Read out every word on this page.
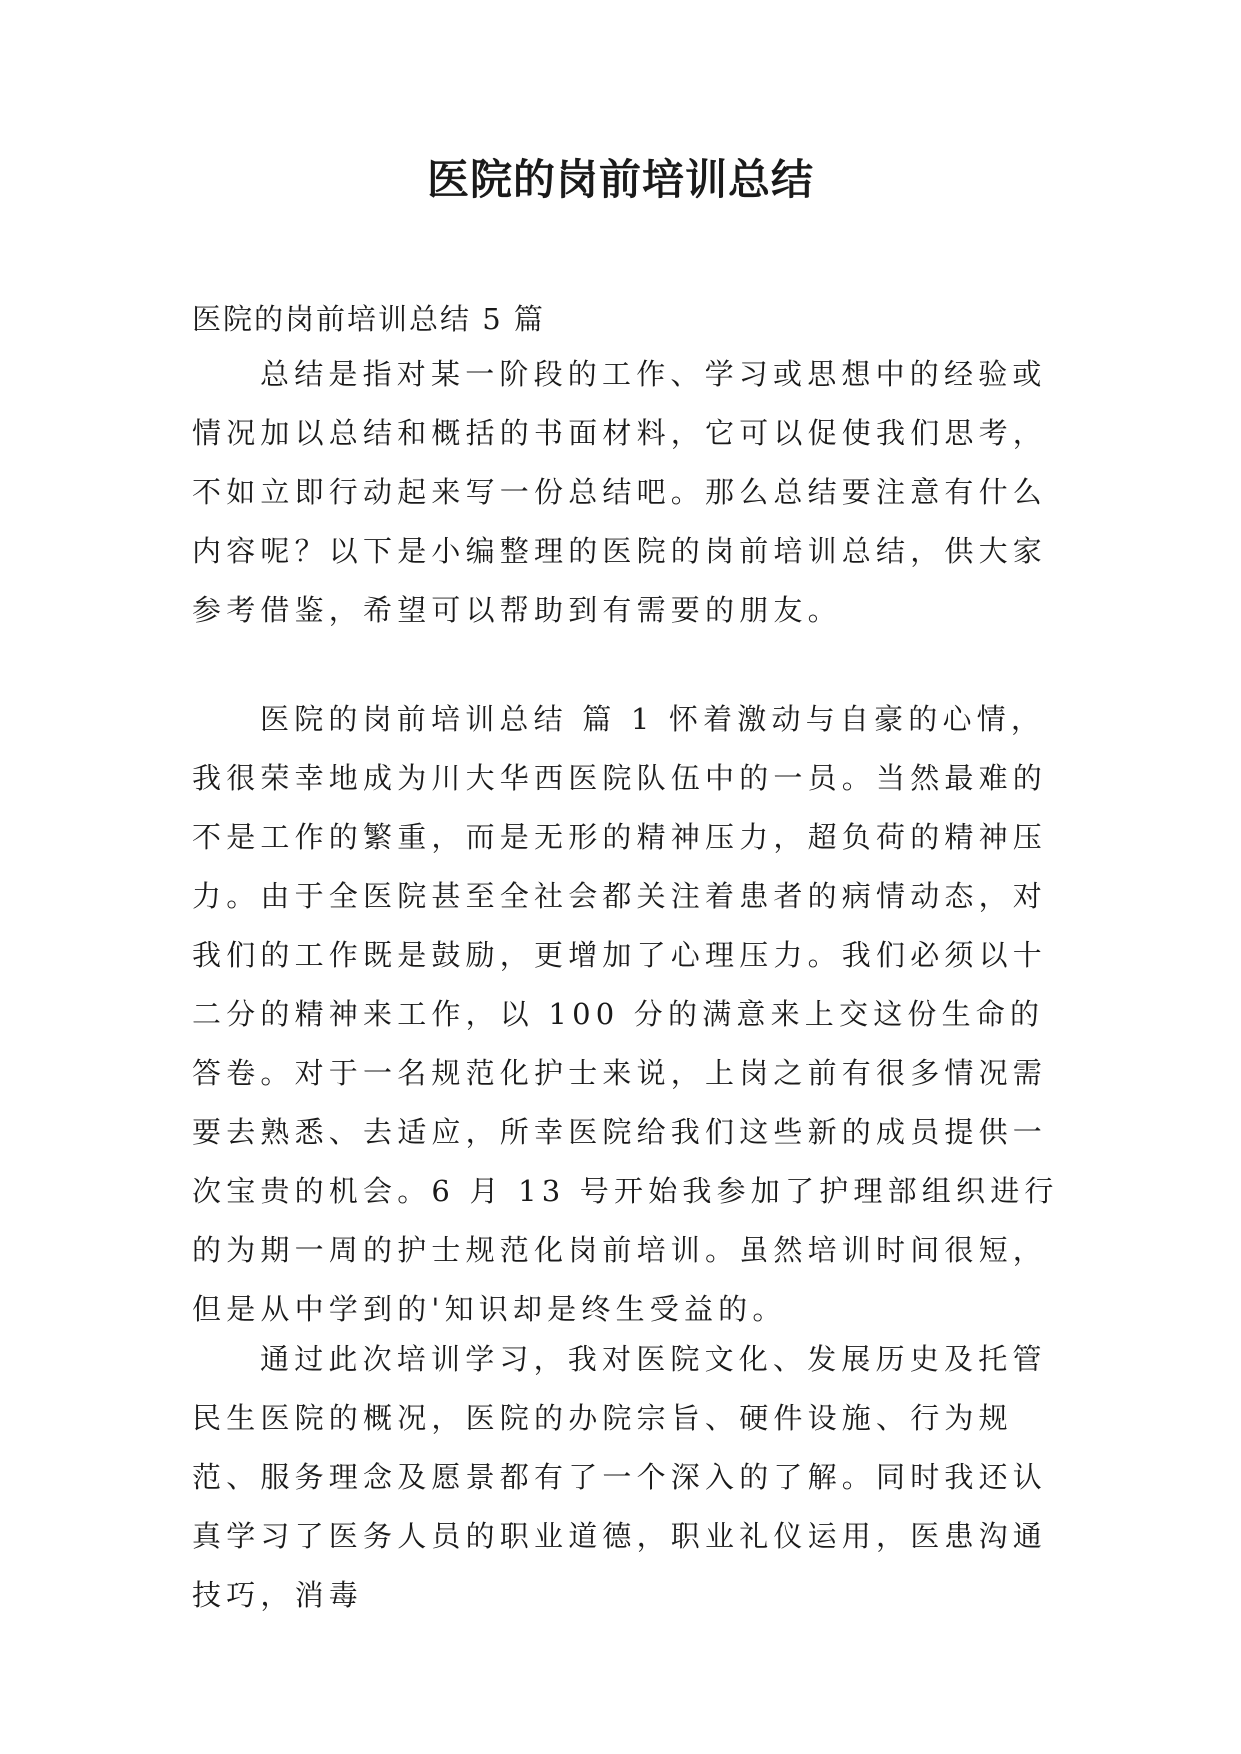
医院的岗前培训总结
医院的岗前培训总结 5 篇
总结是指对某一阶段的工作、学习或思想中的经验或情况加以总结和概括的书面材料，它可以促使我们思考，不如立即行动起来写一份总结吧。那么总结要注意有什么内容呢？以下是小编整理的医院的岗前培训总结，供大家参考借鉴，希望可以帮助到有需要的朋友。
医院的岗前培训总结 篇 1 怀着激动与自豪的心情，我很荣幸地成为川大华西医院队伍中的一员。当然最难的不是工作的繁重，而是无形的精神压力，超负荷的精神压力。由于全医院甚至全社会都关注着患者的病情动态，对我们的工作既是鼓励，更增加了心理压力。我们必须以十二分的精神来工作，以 100 分的满意来上交这份生命的答卷。对于一名规范化护士来说，上岗之前有很多情况需要去熟悉、去适应，所幸医院给我们这些新的成员提供一次宝贵的机会。6 月 13 号开始我参加了护理部组织进行的为期一周的护士规范化岗前培训。虽然培训时间很短，但是从中学到的'知识却是终生受益的。
通过此次培训学习，我对医院文化、发展历史及托管民生医院的概况，医院的办院宗旨、硬件设施、行为规范、服务理念及愿景都有了一个深入的了解。同时我还认真学习了医务人员的职业道德，职业礼仪运用，医患沟通技巧，消毒
